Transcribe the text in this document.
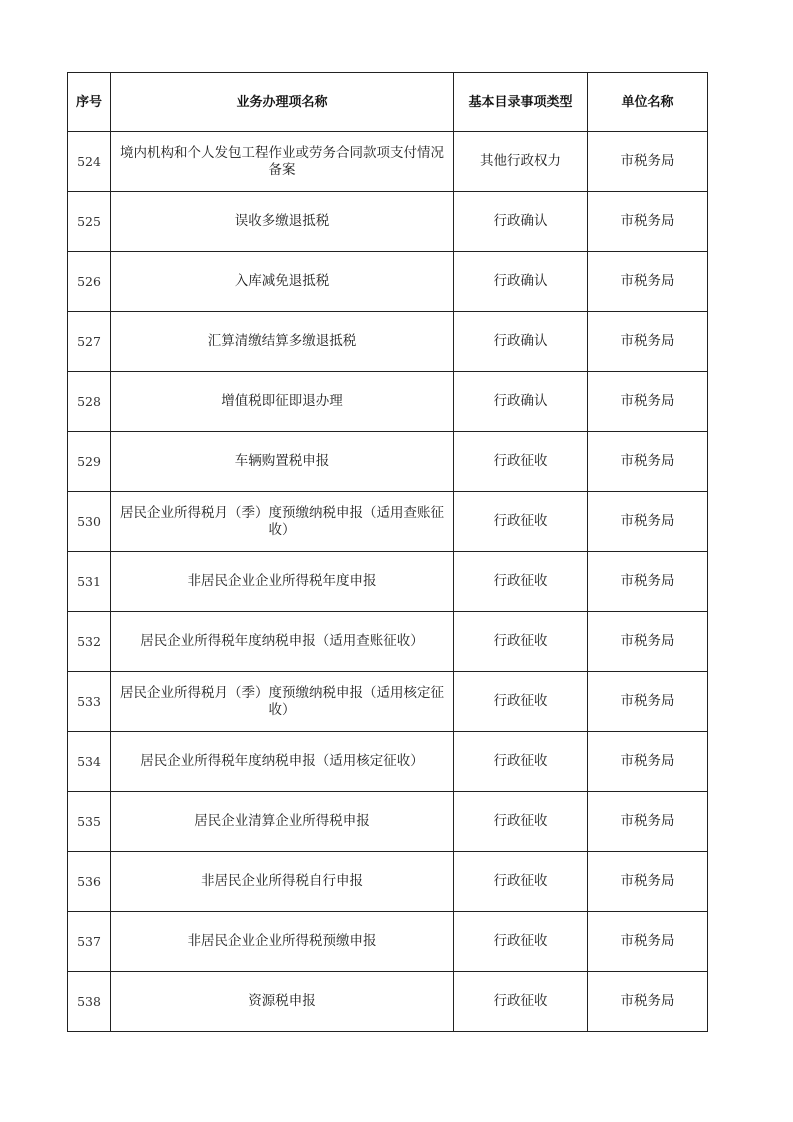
序号	业务办理项名称	基本目录事项类型	单位名称
524	境内机构和个人发包工程作业或劳务合同款项支付情况备案	其他行政权力	市税务局
525	误收多缴退抵税	行政确认	市税务局
526	入库减免退抵税	行政确认	市税务局
527	汇算清缴结算多缴退抵税	行政确认	市税务局
528	增值税即征即退办理	行政确认	市税务局
529	车辆购置税申报	行政征收	市税务局
530	居民企业所得税月（季）度预缴纳税申报（适用查账征收）	行政征收	市税务局
531	非居民企业企业所得税年度申报	行政征收	市税务局
532	居民企业所得税年度纳税申报（适用查账征收）	行政征收	市税务局
533	居民企业所得税月（季）度预缴纳税申报（适用核定征收）	行政征收	市税务局
534	居民企业所得税年度纳税申报（适用核定征收）	行政征收	市税务局
535	居民企业清算企业所得税申报	行政征收	市税务局
536	非居民企业所得税自行申报	行政征收	市税务局
537	非居民企业企业所得税预缴申报	行政征收	市税务局
538	资源税申报	行政征收	市税务局
